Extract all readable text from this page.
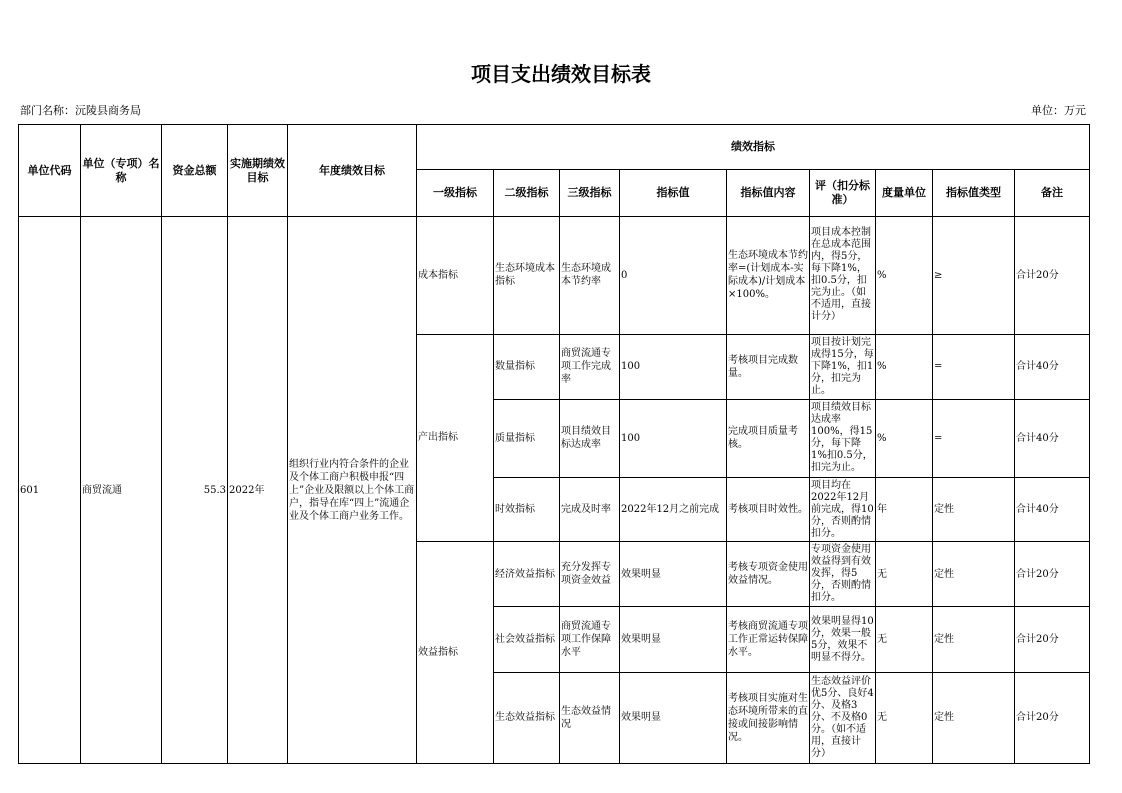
项目支出绩效目标表
部门名称：沅陵县商务局	单位：万元
单位代码	单位（专项）名称	资金总额	实施期绩效目标	年度绩效目标	绩效指标								
					一级指标	二级指标	三级指标	指标值	指标值内容	评（扣分标准）	度量单位	指标值类型	备注
601	商贸流通	55.3	2022年	组织行业内符合条件的企业及个体工商户积极申报“四上”企业及限额以上个体工商户，指导在库“四上”流通企业及个体工商户业务工作。	成本指标	生态环境成本指标	生态环境成本节约率	0	生态环境成本节约率=(计划成本-实际成本)/计划成本×100%。	项目成本控制在总成本范围内，得5分，每下降1%，扣0.5分，扣完为止。（如不适用，直接计分）	%	≥	合计20分
					产出指标	数量指标	商贸流通专项工作完成率	100	考核项目完成数量。	项目按计划完成得15分，每下降1%，扣1分，扣完为止。	%	=	合计40分
						质量指标	项目绩效目标达成率	100	完成项目质量考核。	项目绩效目标达成率100%，得15分，每下降1%扣0.5分，扣完为止。	%	=	合计40分
						时效指标	完成及时率	2022年12月之前完成	考核项目时效性。	项目均在2022年12月前完成，得10分，否则酌情扣分。	年	定性	合计40分
					效益指标	经济效益指标	充分发挥专项资金效益	效果明显	考核专项资金使用效益情况。	专项资金使用效益得到有效发挥，得5分，否则酌情扣分。	无	定性	合计20分
						社会效益指标	商贸流通专项工作保障水平	效果明显	考核商贸流通专项工作正常运转保障水平。	效果明显得10分，效果一般5分，效果不明显不得分。	无	定性	合计20分
						生态效益指标	生态效益情况	效果明显	考核项目实施对生态环境所带来的直接或间接影响情况。	生态效益评价优5分、良好4分、及格3分、不及格0分。（如不适用，直接计分）	无	定性	合计20分
